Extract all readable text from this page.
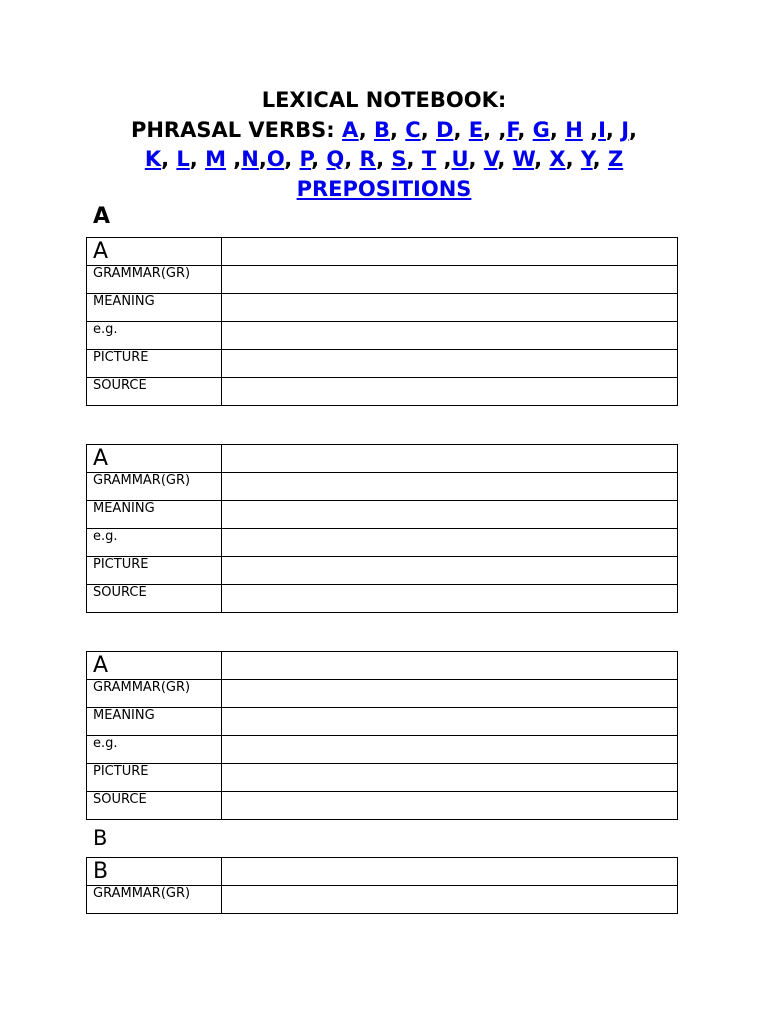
LEXICAL NOTEBOOK:
PHRASAL VERBS: A, B, C, D, E, ,F, G, H ,I, J,
K, L, M ,N,O, P, Q, R, S, T ,U, V, W, X, Y, Z
PREPOSITIONS
A
A	
GRAMMAR(GR)	
MEANING	
e.g.	
PICTURE	
SOURCE	
A	
GRAMMAR(GR)	
MEANING	
e.g.	
PICTURE	
SOURCE	
A	
GRAMMAR(GR)	
MEANING	
e.g.	
PICTURE	
SOURCE	
B
B	
GRAMMAR(GR)	
